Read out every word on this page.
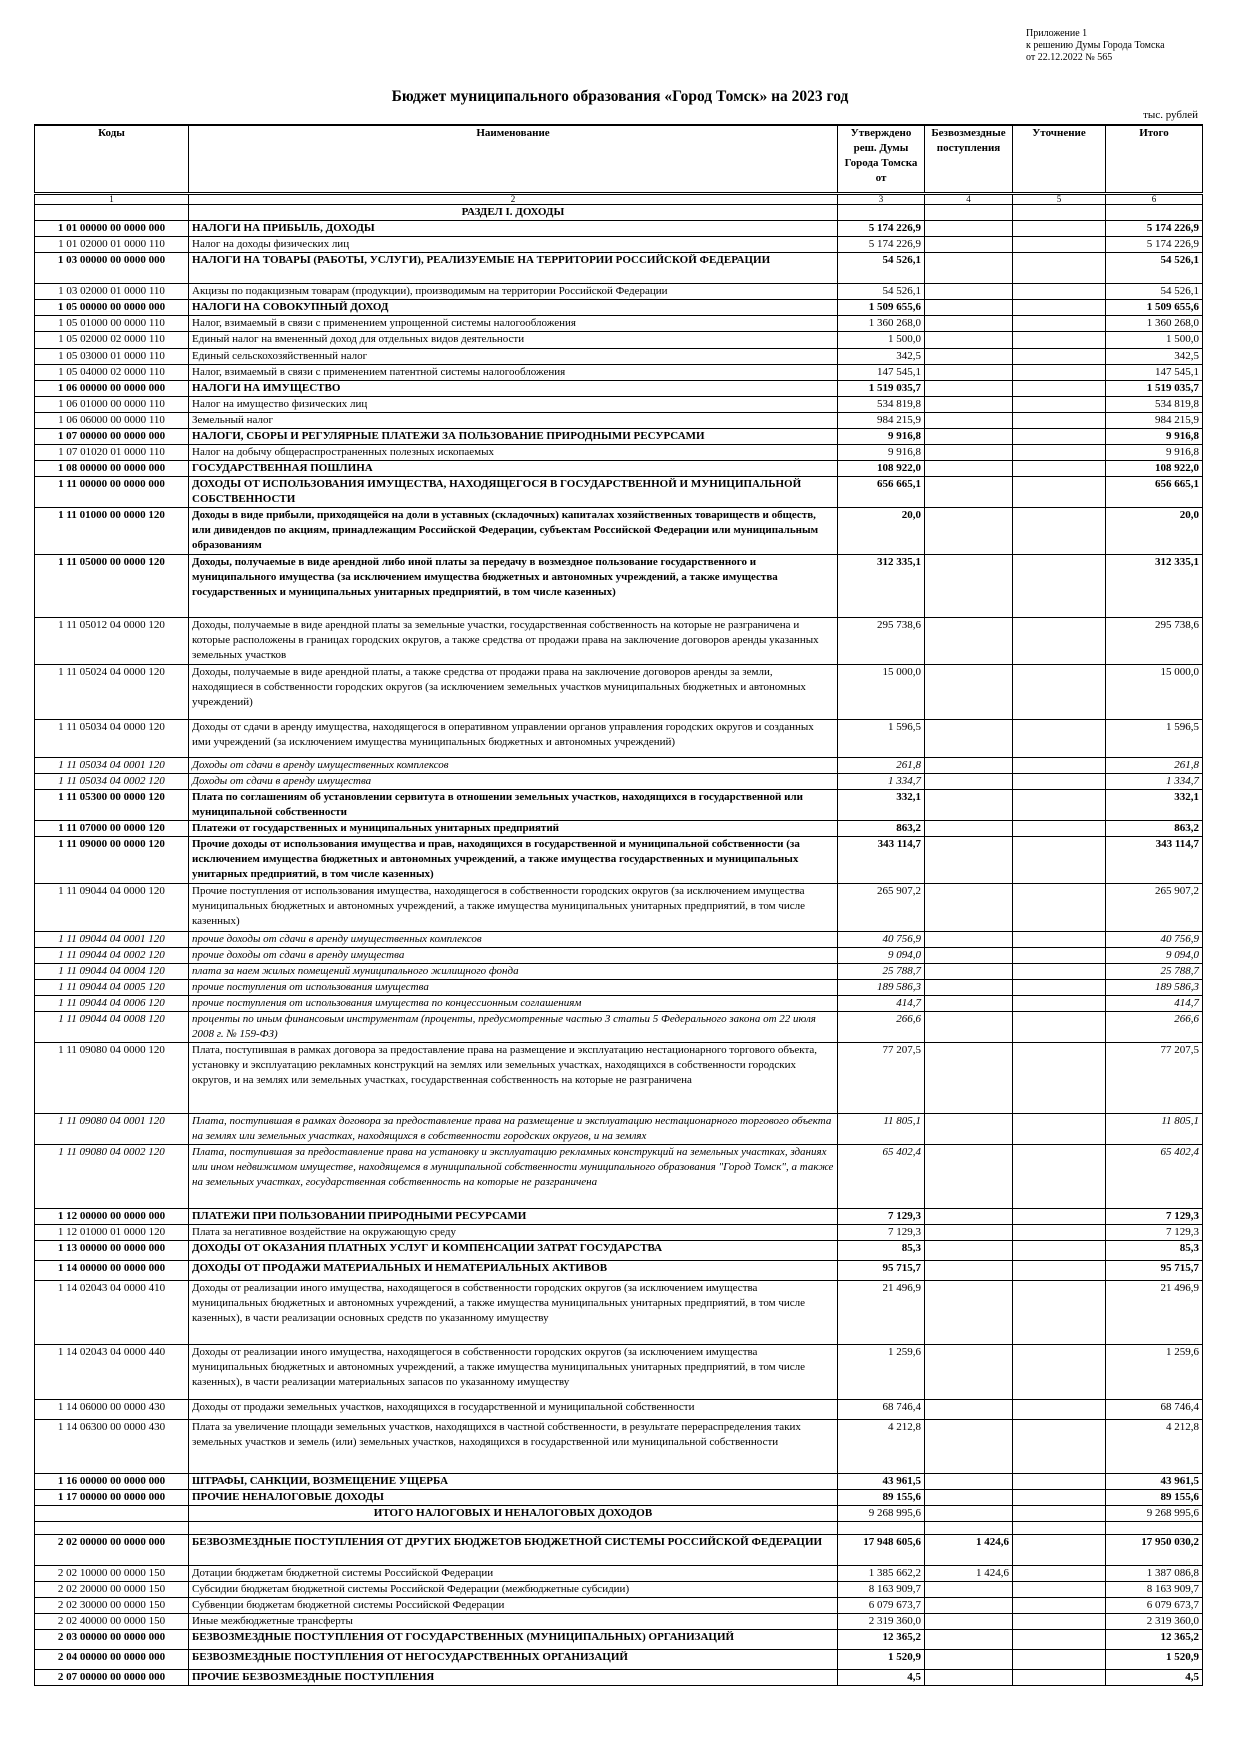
Приложение 1
к решению Думы Города Томска
от 22.12.2022 № 565
Бюджет муниципального образования «Город Томск» на 2023 год
тыс. рублей
Коды	Наименование	Утверждено реш. Думы Города Томска от	Безвозмездные поступления	Уточнение	Итого
1	2	3	4	5	6
	РАЗДЕЛ I. ДОХОДЫ				
1 01 00000 00 0000 000	НАЛОГИ НА ПРИБЫЛЬ, ДОХОДЫ	5 174 226,9			5 174 226,9
1 01 02000 01 0000 110	Налог на доходы физических лиц	5 174 226,9			5 174 226,9
1 03 00000 00 0000 000	НАЛОГИ НА ТОВАРЫ (РАБОТЫ, УСЛУГИ), РЕАЛИЗУЕМЫЕ НА ТЕРРИТОРИИ РОССИЙСКОЙ ФЕДЕРАЦИИ	54 526,1			54 526,1
1 03 02000 01 0000 110	Акцизы по подакцизным товарам (продукции), производимым на территории Российской Федерации	54 526,1			54 526,1
1 05 00000 00 0000 000	НАЛОГИ НА СОВОКУПНЫЙ ДОХОД	1 509 655,6			1 509 655,6
1 05 01000 00 0000 110	Налог, взимаемый в связи с применением упрощенной системы налогообложения	1 360 268,0			1 360 268,0
1 05 02000 02 0000 110	Единый налог на вмененный доход для отдельных видов деятельности	1 500,0			1 500,0
1 05 03000 01 0000 110	Единый сельскохозяйственный налог	342,5			342,5
1 05 04000 02 0000 110	Налог, взимаемый в связи с применением патентной системы налогообложения	147 545,1			147 545,1
1 06 00000 00 0000 000	НАЛОГИ НА ИМУЩЕСТВО	1 519 035,7			1 519 035,7
1 06 01000 00 0000 110	Налог на имущество физических лиц	534 819,8			534 819,8
1 06 06000 00 0000 110	Земельный налог	984 215,9			984 215,9
1 07 00000 00 0000 000	НАЛОГИ, СБОРЫ И РЕГУЛЯРНЫЕ ПЛАТЕЖИ ЗА ПОЛЬЗОВАНИЕ ПРИРОДНЫМИ РЕСУРСАМИ	9 916,8			9 916,8
1 07 01020 01 0000 110	Налог на добычу общераспространенных полезных ископаемых	9 916,8			9 916,8
1 08 00000 00 0000 000	ГОСУДАРСТВЕННАЯ ПОШЛИНА	108 922,0			108 922,0
1 11 00000 00 0000 000	ДОХОДЫ ОТ ИСПОЛЬЗОВАНИЯ ИМУЩЕСТВА, НАХОДЯЩЕГОСЯ В ГОСУДАРСТВЕННОЙ И МУНИЦИПАЛЬНОЙ СОБСТВЕННОСТИ	656 665,1			656 665,1
1 11 01000 00 0000 120	Доходы в виде прибыли, приходящейся на доли в уставных (складочных) капиталах хозяйственных товариществ и обществ, или дивидендов по акциям, принадлежащим Российской Федерации, субъектам Российской Федерации или муниципальным образованиям	20,0			20,0
1 11 05000 00 0000 120	Доходы, получаемые в виде арендной либо иной платы за передачу в возмездное пользование государственного и муниципального имущества (за исключением имущества бюджетных и автономных учреждений, а также имущества государственных и муниципальных унитарных предприятий, в том числе казенных)	312 335,1			312 335,1
1 11 05012 04 0000 120	Доходы, получаемые в виде арендной платы за земельные участки, государственная собственность на которые не разграничена и которые расположены в границах городских округов, а также средства от продажи права на заключение договоров аренды указанных земельных участков	295 738,6			295 738,6
1 11 05024 04 0000 120	Доходы, получаемые в виде арендной платы, а также средства от продажи права на заключение договоров аренды за земли, находящиеся в собственности городских округов (за исключением земельных участков муниципальных бюджетных и автономных учреждений)	15 000,0			15 000,0
1 11 05034 04 0000 120	Доходы от сдачи в аренду имущества, находящегося в оперативном управлении органов управления городских округов и созданных ими учреждений (за исключением имущества муниципальных бюджетных и автономных учреждений)	1 596,5			1 596,5
1 11 05034 04 0001 120	Доходы от сдачи в аренду имущественных комплексов	261,8			261,8
1 11 05034 04 0002 120	Доходы от сдачи в аренду имущества	1 334,7			1 334,7
1 11 05300 00 0000 120	Плата по соглашениям об установлении сервитута в отношении земельных участков, находящихся в государственной или муниципальной собственности	332,1			332,1
1 11 07000 00 0000 120	Платежи от государственных и муниципальных унитарных предприятий	863,2			863,2
1 11 09000 00 0000 120	Прочие доходы от использования имущества и прав, находящихся в государственной и муниципальной собственности (за исключением имущества бюджетных и автономных учреждений, а также имущества государственных и муниципальных унитарных предприятий, в том числе казенных)	343 114,7			343 114,7
1 11 09044 04 0000 120	Прочие поступления от использования имущества, находящегося в собственности городских округов (за исключением имущества муниципальных бюджетных и автономных учреждений, а также имущества муниципальных унитарных предприятий, в том числе казенных)	265 907,2			265 907,2
1 11 09044 04 0001 120	прочие доходы от сдачи в аренду имущественных комплексов	40 756,9			40 756,9
1 11 09044 04 0002 120	прочие доходы от сдачи в аренду имущества	9 094,0			9 094,0
1 11 09044 04 0004 120	плата за наем жилых помещений муниципального жилищного фонда	25 788,7			25 788,7
1 11 09044 04 0005 120	прочие поступления от использования имущества	189 586,3			189 586,3
1 11 09044 04 0006 120	прочие поступления от использования имущества по концессионным соглашениям	414,7			414,7
1 11 09044 04 0008 120	проценты по иным финансовым инструментам (проценты, предусмотренные частью 3 статьи 5 Федерального закона от 22 июля 2008 г. № 159-ФЗ)	266,6			266,6
1 11 09080 04 0000 120	Плата, поступившая в рамках договора за предоставление права на размещение и эксплуатацию нестационарного торгового объекта, установку и эксплуатацию рекламных конструкций на землях или земельных участках, находящихся в собственности городских округов, и на землях или земельных участках, государственная собственность на которые не разграничена	77 207,5			77 207,5
1 11 09080 04 0001 120	Плата, поступившая в рамках договора за предоставление права на размещение и эксплуатацию нестационарного торгового объекта на землях или земельных участках, находящихся в собственности городских округов, и на землях	11 805,1			11 805,1
1 11 09080 04 0002 120	Плата, поступившая за предоставление права на установку и эксплуатацию рекламных конструкций на земельных участках, зданиях или ином недвижимом имуществе, находящемся в муниципальной собственности муниципального образования "Город Томск", а также на земельных участках, государственная собственность на которые не разграничена	65 402,4			65 402,4
1 12 00000 00 0000 000	ПЛАТЕЖИ ПРИ ПОЛЬЗОВАНИИ ПРИРОДНЫМИ РЕСУРСАМИ	7 129,3			7 129,3
1 12 01000 01 0000 120	Плата за негативное воздействие на окружающую среду	7 129,3			7 129,3
1 13 00000 00 0000 000	ДОХОДЫ ОТ ОКАЗАНИЯ ПЛАТНЫХ УСЛУГ И КОМПЕНСАЦИИ ЗАТРАТ ГОСУДАРСТВА	85,3			85,3
1 14 00000 00 0000 000	ДОХОДЫ ОТ ПРОДАЖИ МАТЕРИАЛЬНЫХ И НЕМАТЕРИАЛЬНЫХ АКТИВОВ	95 715,7			95 715,7
1 14 02043 04 0000 410	Доходы от реализации иного имущества, находящегося в собственности городских округов (за исключением имущества муниципальных бюджетных и автономных учреждений, а также имущества муниципальных унитарных предприятий, в том числе казенных), в части реализации основных средств по указанному имуществу	21 496,9			21 496,9
1 14 02043 04 0000 440	Доходы от реализации иного имущества, находящегося в собственности городских округов (за исключением имущества муниципальных бюджетных и автономных учреждений, а также имущества муниципальных унитарных предприятий, в том числе казенных), в части реализации материальных запасов по указанному имуществу	1 259,6			1 259,6
1 14 06000 00 0000 430	Доходы от продажи земельных участков, находящихся в государственной и муниципальной собственности	68 746,4			68 746,4
1 14 06300 00 0000 430	Плата за увеличение площади земельных участков, находящихся в частной собственности, в результате перераспределения таких земельных участков и земель (или) земельных участков, находящихся в государственной или муниципальной собственности	4 212,8			4 212,8
1 16 00000 00 0000 000	ШТРАФЫ, САНКЦИИ, ВОЗМЕЩЕНИЕ УЩЕРБА	43 961,5			43 961,5
1 17 00000 00 0000 000	ПРОЧИЕ НЕНАЛОГОВЫЕ ДОХОДЫ	89 155,6			89 155,6
	ИТОГО НАЛОГОВЫХ И НЕНАЛОГОВЫХ ДОХОДОВ	9 268 995,6			9 268 995,6

2 02 00000 00 0000 000	БЕЗВОЗМЕЗДНЫЕ ПОСТУПЛЕНИЯ ОТ ДРУГИХ БЮДЖЕТОВ БЮДЖЕТНОЙ СИСТЕМЫ РОССИЙСКОЙ ФЕДЕРАЦИИ	17 948 605,6	1 424,6		17 950 030,2
2 02 10000 00 0000 150	Дотации бюджетам бюджетной системы Российской Федерации	1 385 662,2	1 424,6		1 387 086,8
2 02 20000 00 0000 150	Субсидии бюджетам бюджетной системы Российской Федерации (межбюджетные субсидии)	8 163 909,7			8 163 909,7
2 02 30000 00 0000 150	Субвенции бюджетам бюджетной системы Российской Федерации	6 079 673,7			6 079 673,7
2 02 40000 00 0000 150	Иные межбюджетные трансферты	2 319 360,0			2 319 360,0
2 03 00000 00 0000 000	БЕЗВОЗМЕЗДНЫЕ ПОСТУПЛЕНИЯ ОТ ГОСУДАРСТВЕННЫХ (МУНИЦИПАЛЬНЫХ) ОРГАНИЗАЦИЙ	12 365,2			12 365,2
2 04 00000 00 0000 000	БЕЗВОЗМЕЗДНЫЕ ПОСТУПЛЕНИЯ ОТ НЕГОСУДАРСТВЕННЫХ ОРГАНИЗАЦИЙ	1 520,9			1 520,9
2 07 00000 00 0000 000	ПРОЧИЕ БЕЗВОЗМЕЗДНЫЕ ПОСТУПЛЕНИЯ	4,5			4,5
